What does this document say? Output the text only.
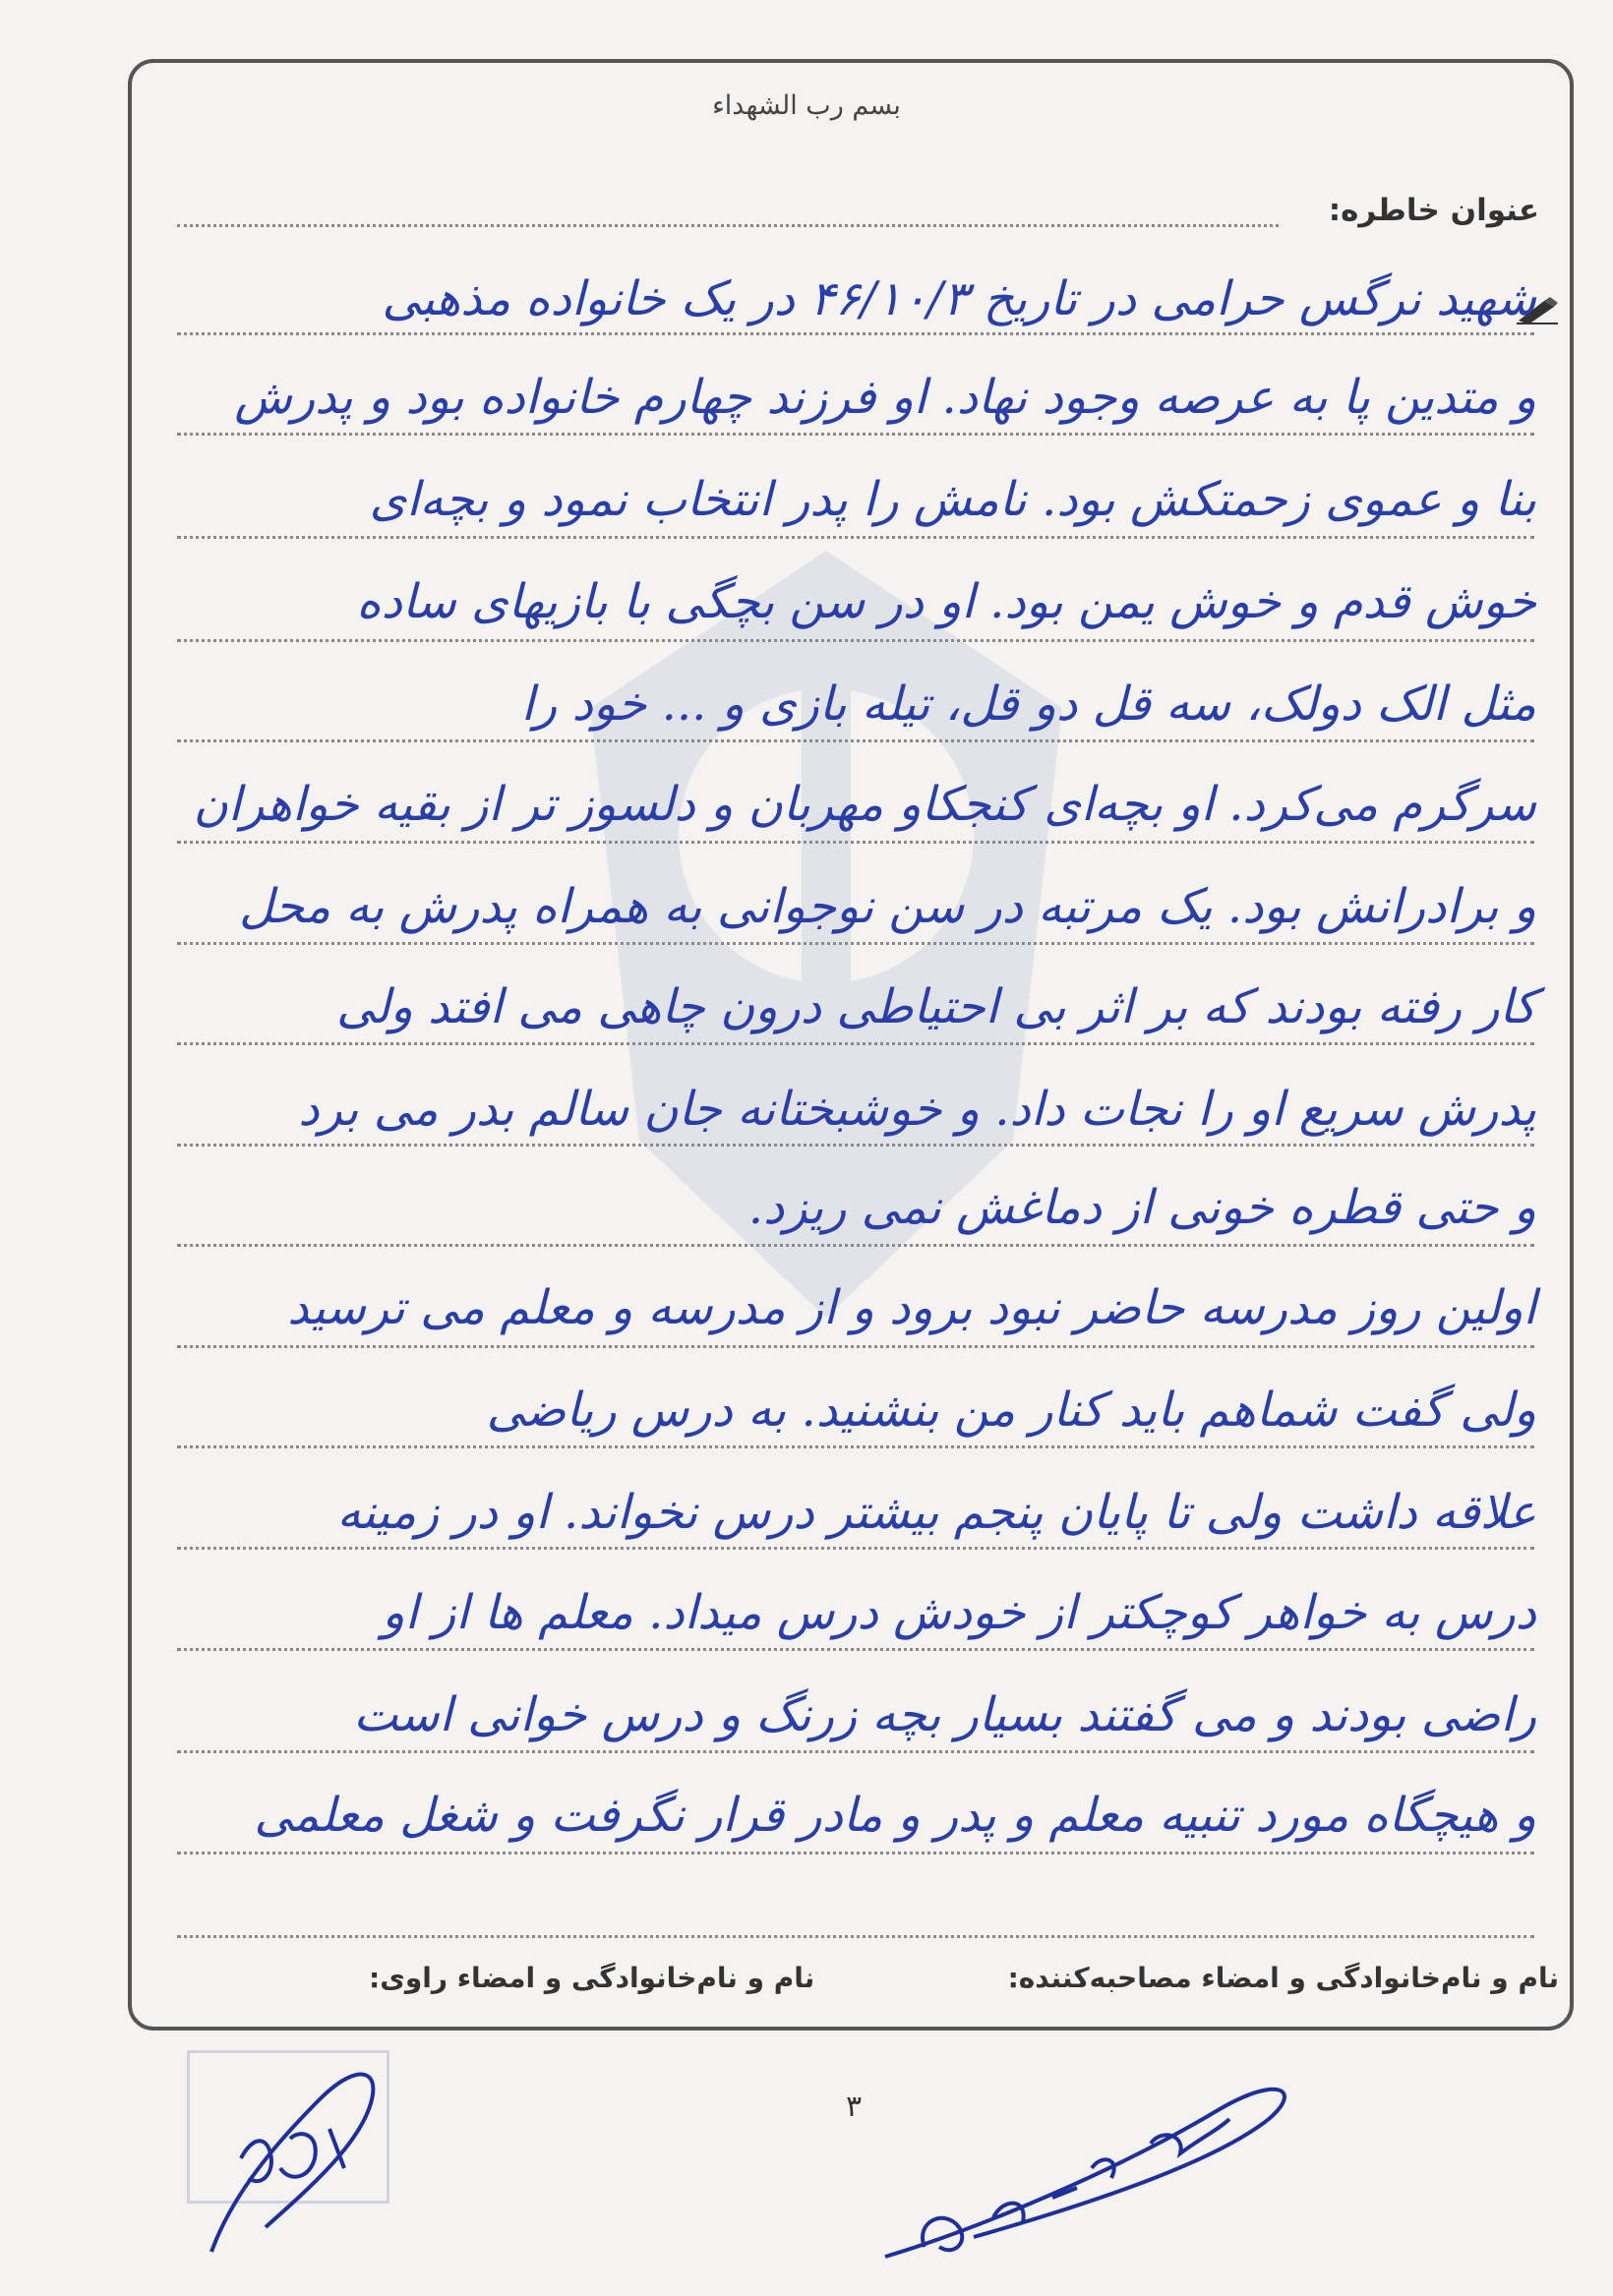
بسم رب الشهداء
عنوان خاطره:
شهید نرگس حرامی در تاریخ ۴۶/۱۰/۳ در یک خانواده مذهبی
و متدین پا به عرصه وجود نهاد. او فرزند چهارم خانواده بود و پدرش
بنا و عموی زحمتکش بود. نامش را پدر انتخاب نمود و بچه‌ای
خوش قدم و خوش یمن بود. او در سن بچگی با بازیهای ساده
مثل الک دولک، سه قل دو قل، تیله بازی و ... خود را
سرگرم می‌کرد. او بچه‌ای کنجکاو مهربان و دلسوز تر از بقیه خواهران
و برادرانش بود. یک مرتبه در سن نوجوانی به همراه پدرش به محل
کار رفته بودند که بر اثر بی احتیاطی درون چاهی می افتد ولی
پدرش سریع او را نجات داد. و خوشبختانه جان سالم بدر می برد
و حتی قطره خونی از دماغش نمی ریزد.
اولین روز مدرسه حاضر نبود برود و از مدرسه و معلم می ترسید
ولی گفت شماهم باید کنار من بنشنید. به درس ریاضی
علاقه داشت ولی تا پایان پنجم بیشتر درس نخواند. او در زمینه
درس به خواهر کوچکتر از خودش درس میداد. معلم ها از او
راضی بودند و می گفتند بسیار بچه زرنگ و درس خوانی است
و هیچگاه مورد تنبیه معلم و پدر و مادر قرار نگرفت و شغل معلمی
نام و نام‌خانوادگی و امضاء مصاحبه‌کننده:
نام و نام‌خانوادگی و امضاء راوی:
۳
